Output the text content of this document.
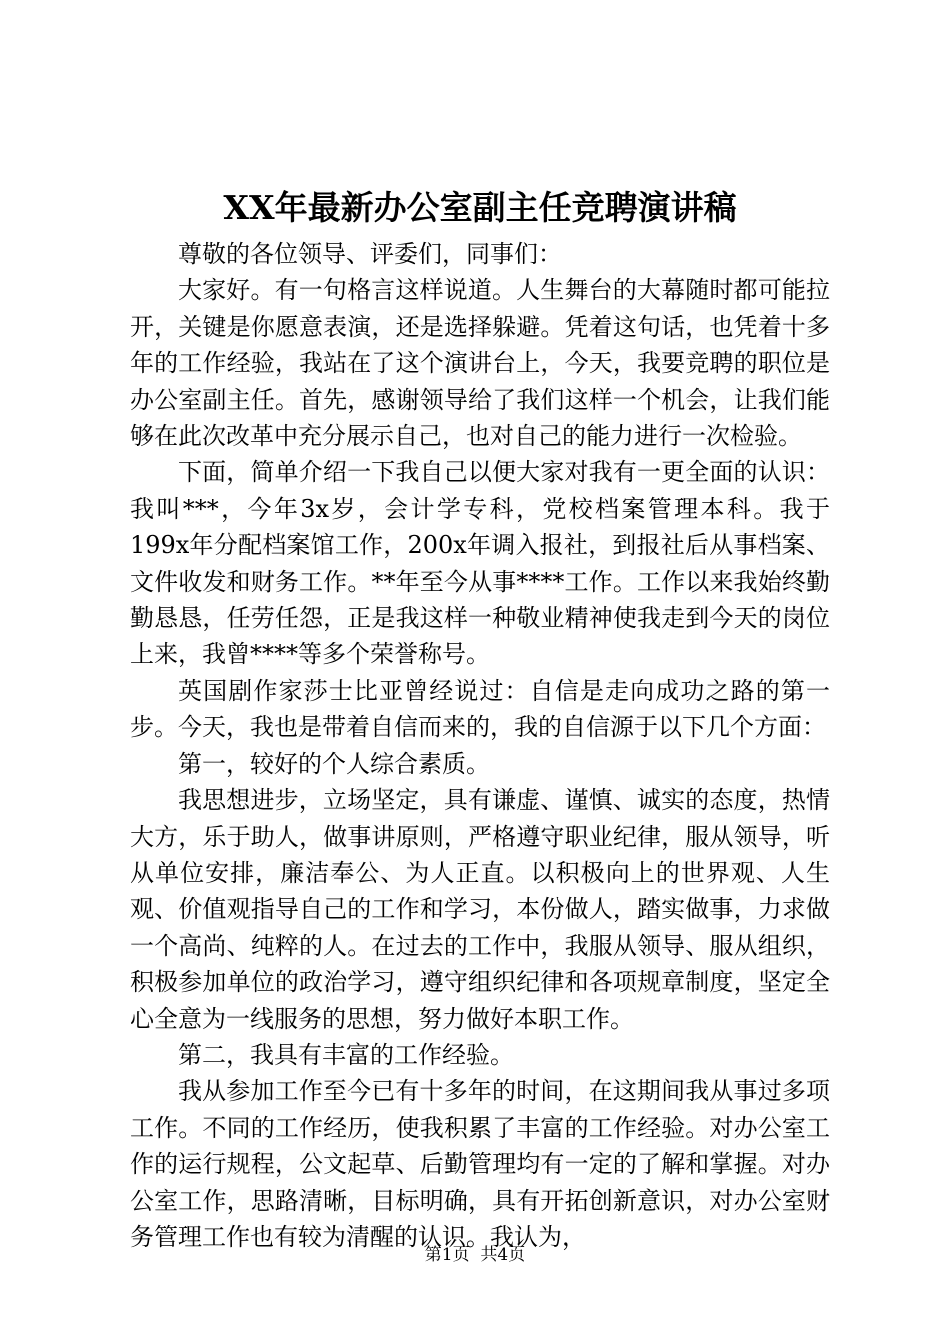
XX年最新办公室副主任竞聘演讲稿

尊敬的各位领导、评委们，同事们：

大家好。有一句格言这样说道。人生舞台的大幕随时都可能拉开，关键是你愿意表演，还是选择躲避。凭着这句话，也凭着十多年的工作经验，我站在了这个演讲台上，今天，我要竞聘的职位是办公室副主任。首先，感谢领导给了我们这样一个机会，让我们能够在此次改革中充分展示自己，也对自己的能力进行一次检验。

下面，简单介绍一下我自己以便大家对我有一更全面的认识：我叫***，今年3x岁，会计学专科，党校档案管理本科。我于199x年分配档案馆工作，200x年调入报社，到报社后从事档案、文件收发和财务工作。**年至今从事****工作。工作以来我始终勤勤恳恳，任劳任怨，正是我这样一种敬业精神使我走到今天的岗位上来，我曾****等多个荣誉称号。

英国剧作家莎士比亚曾经说过：自信是走向成功之路的第一步。今天，我也是带着自信而来的，我的自信源于以下几个方面：

第一，较好的个人综合素质。

我思想进步，立场坚定，具有谦虚、谨慎、诚实的态度，热情大方，乐于助人，做事讲原则，严格遵守职业纪律，服从领导，听从单位安排，廉洁奉公、为人正直。以积极向上的世界观、人生观、价值观指导自己的工作和学习，本份做人，踏实做事，力求做一个高尚、纯粹的人。在过去的工作中，我服从领导、服从组织，积极参加单位的政治学习，遵守组织纪律和各项规章制度，坚定全心全意为一线服务的思想，努力做好本职工作。

第二，我具有丰富的工作经验。

我从参加工作至今已有十多年的时间，在这期间我从事过多项工作。不同的工作经历，使我积累了丰富的工作经验。对办公室工作的运行规程，公文起草、后勤管理均有一定的了解和掌握。对办公室工作，思路清晰，目标明确，具有开拓创新意识，对办公室财务管理工作也有较为清醒的认识。我认为，

第1页  共4页
